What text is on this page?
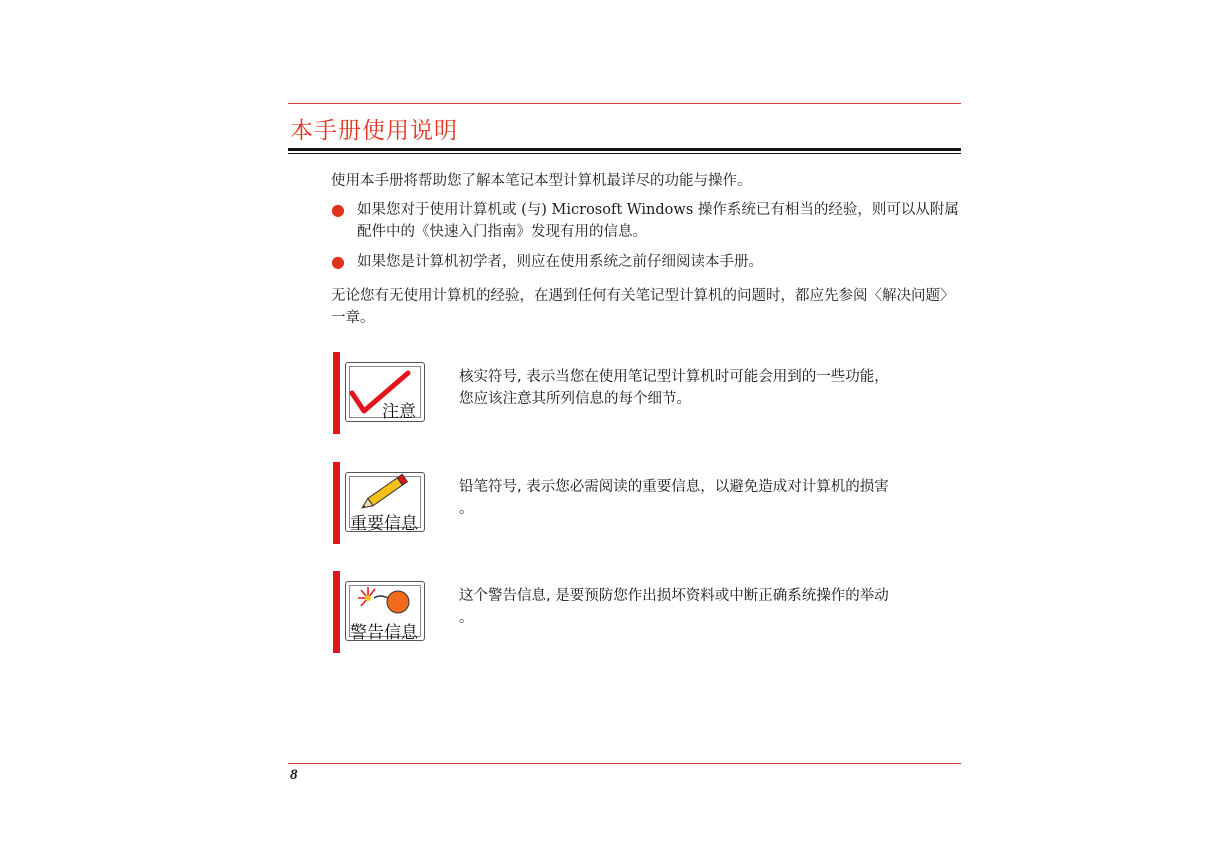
本手册使用说明
使用本手册将帮助您了解本笔记本型计算机最详尽的功能与操作。
● 如果您对于使用计算机或 (与) Microsoft Windows 操作系统已有相当的经验，则可以从附属配件中的《快速入门指南》发现有用的信息。
● 如果您是计算机初学者，则应在使用系统之前仔细阅读本手册。
无论您有无使用计算机的经验，在遇到任何有关笔记型计算机的问题时，都应先参阅〈解决问题〉一章。
注意
核实符号, 表示当您在使用笔记型计算机时可能会用到的一些功能，
您应该注意其所列信息的每个细节。
重要信息
铅笔符号, 表示您必需阅读的重要信息，以避免造成对计算机的损害
。
警告信息
这个警告信息, 是要预防您作出损坏资料或中断正确系统操作的举动
。
8
